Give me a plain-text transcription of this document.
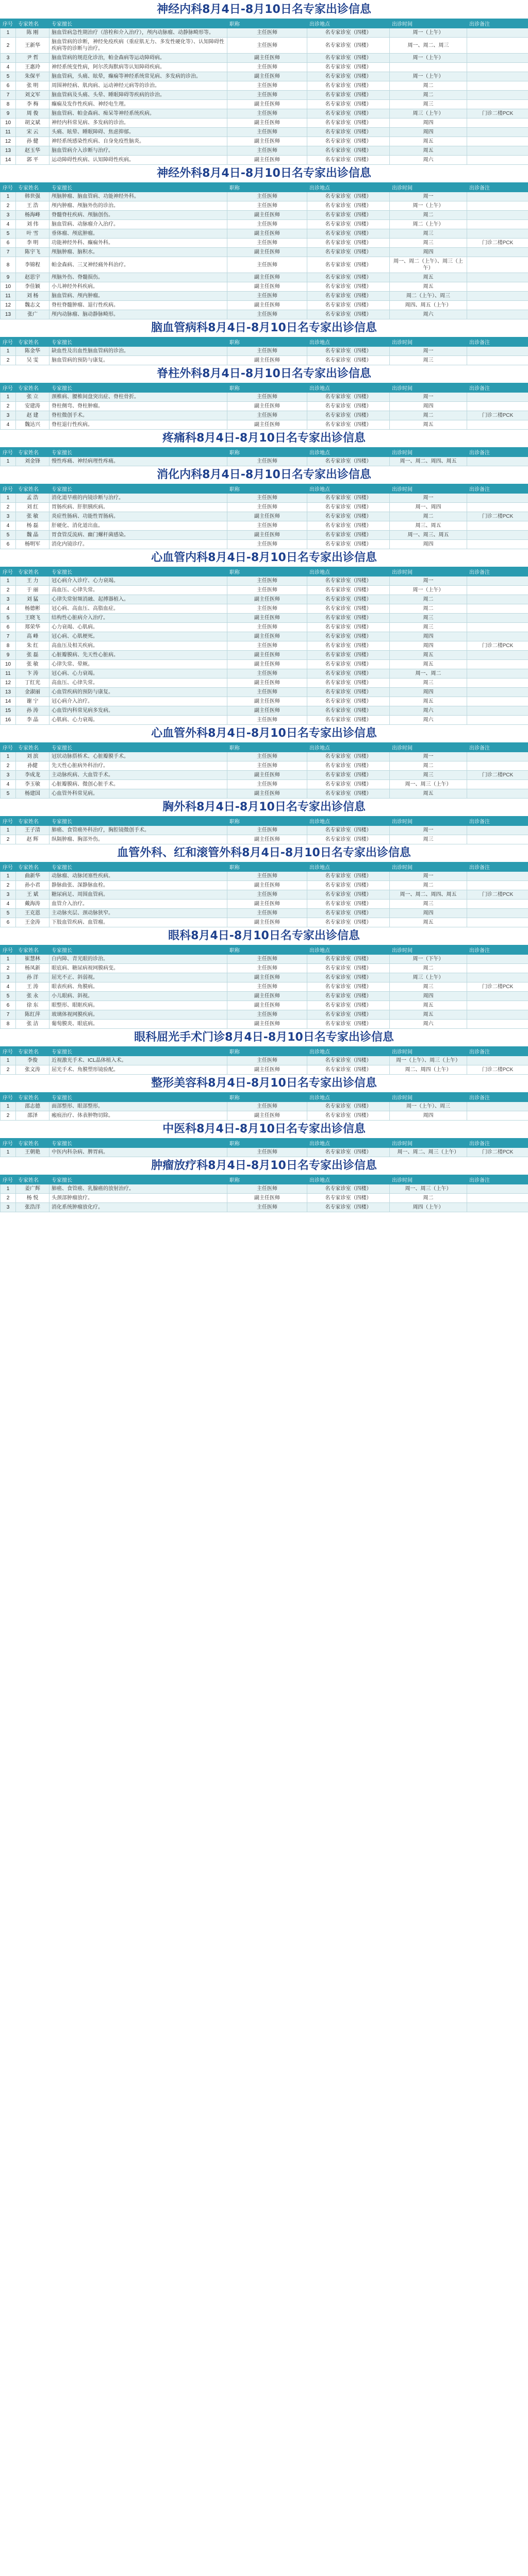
神经内科8月4日-8月10日名专家出诊信息
序号	专家姓名	专家擅长	职称	出诊地点	出诊时间	出诊备注
1	陈 刚	脑血管病急性期治疗（溶栓和介入治疗），颅内动脉瘤、动静脉畸形等。	主任医师	名专家诊室（四楼）	周一（上午）	
2	王新华	脑血管病的诊断，神经免疫疾病（重症肌无力、多发性硬化等）、认知障碍性疾病等的诊断与治疗。	主任医师	名专家诊室（四楼）	周一、周二、周三	
3	尹 哲	脑血管病的规范化诊治，帕金森病等运动障碍病。	副主任医师	名专家诊室（四楼）	周一（上午）	
4	王惠玲	神经系统变性病，阿尔茨海默病等认知障碍疾病。	主任医师	名专家诊室（四楼）		
5	朱保平	脑血管病，头痛、眩晕，癫痫等神经系统常见病、多发病的诊治。	副主任医师	名专家诊室（四楼）	周一（上午）	
6	张 明	周围神经病、肌肉病、运动神经元病等的诊治。	主任医师	名专家诊室（四楼）	周二	
7	刘文军	脑血管病及头痛、头晕、睡眠障碍等疾病的诊治。	主任医师	名专家诊室（四楼）	周二	
8	李 梅	癫痫及发作性疾病、神经电生理。	副主任医师	名专家诊室（四楼）	周三	
9	周 俊	脑血管病、帕金森病、痴呆等神经系统疾病。	主任医师	名专家诊室（四楼）	周三（上午）	门诊二楼PCK
10	胡文斌	神经内科常见病、多发病的诊治。	副主任医师	名专家诊室（四楼）	周四	
11	宋 云	头痛、眩晕、睡眠障碍、焦虑抑郁。	主任医师	名专家诊室（四楼）	周四	
12	孙 健	神经系统感染性疾病、自身免疫性脑炎。	副主任医师	名专家诊室（四楼）	周五	
13	赵玉华	脑血管病介入诊断与治疗。	主任医师	名专家诊室（四楼）	周五	
14	郭 平	运动障碍性疾病、认知障碍性疾病。	副主任医师	名专家诊室（四楼）	周六	
神经外科8月4日-8月10日名专家出诊信息
序号	专家姓名	专家擅长	职称	出诊地点	出诊时间	出诊备注
1	韩世强	颅脑肿瘤、脑血管病、功能神经外科。	主任医师	名专家诊室（四楼）	周一	
2	王 浩	颅内肿瘤、颅脑外伤的诊治。	主任医师	名专家诊室（四楼）	周一（上午）	
3	杨海峰	脊髓脊柱疾病、颅脑创伤。	副主任医师	名专家诊室（四楼）	周二	
4	刘 伟	脑血管病、动脉瘤介入治疗。	主任医师	名专家诊室（四楼）	周二（上午）	
5	叶 雪	垂体瘤、颅底肿瘤。	副主任医师	名专家诊室（四楼）	周三	
6	李 明	功能神经外科、癫痫外科。	主任医师	名专家诊室（四楼）	周三	门诊二楼PCK
7	陈宇飞	颅脑肿瘤、脑积水。	副主任医师	名专家诊室（四楼）	周四	
8	李锦程	帕金森病、三叉神经痛外科治疗。	主任医师	名专家诊室（四楼）	周一、周二（上午）、周三（上午）	
9	赵思宇	颅脑外伤、脊髓损伤。	副主任医师	名专家诊室（四楼）	周五	
10	李佳颖	小儿神经外科疾病。	副主任医师	名专家诊室（四楼）	周五	
11	刘 杨	脑血管病、颅内肿瘤。	主任医师	名专家诊室（四楼）	周二（上午）、周三	
12	魏志文	脊柱脊髓肿瘤、退行性疾病。	副主任医师	名专家诊室（四楼）	周四、周五（上午）	
13	张广	颅内动脉瘤、脑动静脉畸形。	主任医师	名专家诊室（四楼）	周六	
脑血管病科8月4日-8月10日名专家出诊信息
序号	专家姓名	专家擅长	职称	出诊地点	出诊时间	出诊备注
1	陈金华	缺血性及出血性脑血管病的诊治。	主任医师	名专家诊室（四楼）	周一	
2	吴 雯	脑血管病的预防与康复。	副主任医师	名专家诊室（四楼）	周三	
脊柱外科8月4日-8月10日名专家出诊信息
序号	专家姓名	专家擅长	职称	出诊地点	出诊时间	出诊备注
1	张 立	颈椎病、腰椎间盘突出症、脊柱骨折。	主任医师	名专家诊室（四楼）	周一	
2	安建涛	脊柱侧弯、脊柱肿瘤。	副主任医师	名专家诊室（四楼）	周四	
3	赵 建	脊柱微创手术。	主任医师	名专家诊室（四楼）	周二	门诊二楼PCK
4	魏达兴	脊柱退行性疾病。	副主任医师	名专家诊室（四楼）	周五	
疼痛科8月4日-8月10日名专家出诊信息
序号	专家姓名	专家擅长	职称	出诊地点	出诊时间	出诊备注
1	刘金锋	慢性疼痛、神经病理性疼痛。	主任医师	名专家诊室（四楼）	周一、周二、周四、周五	
消化内科8月4日-8月10日名专家出诊信息
序号	专家姓名	专家擅长	职称	出诊地点	出诊时间	出诊备注
1	孟 浩	消化道早癌的内镜诊断与治疗。	主任医师	名专家诊室（四楼）	周一	
2	刘 红	胃肠疾病、肝胆胰疾病。	主任医师	名专家诊室（四楼）	周一、周四	
3	张 敏	炎症性肠病、功能性胃肠病。	副主任医师	名专家诊室（四楼）	周二	门诊二楼PCK
4	杨 磊	肝硬化、消化道出血。	主任医师	名专家诊室（四楼）	周三、周五	
5	魏 晶	胃食管反流病、幽门螺杆菌感染。	副主任医师	名专家诊室（四楼）	周一、周三、周五	
6	杨明军	消化内镜诊疗。	主任医师	名专家诊室（四楼）	周四	
心血管内科8月4日-8月10日名专家出诊信息
序号	专家姓名	专家擅长	职称	出诊地点	出诊时间	出诊备注
1	王 力	冠心病介入诊疗、心力衰竭。	主任医师	名专家诊室（四楼）	周一	
2	于 丽	高血压、心律失常。	主任医师	名专家诊室（四楼）	周一（上午）	
3	刘 猛	心律失常射频消融、起搏器植入。	副主任医师	名专家诊室（四楼）	周二	
4	杨德彬	冠心病、高血压、高脂血症。	主任医师	名专家诊室（四楼）	周二	
5	王晓飞	结构性心脏病介入治疗。	副主任医师	名专家诊室（四楼）	周三	
6	郑荣华	心力衰竭、心肌病。	主任医师	名专家诊室（四楼）	周三	
7	高 峰	冠心病、心肌梗死。	副主任医师	名专家诊室（四楼）	周四	
8	朱 红	高血压及相关疾病。	主任医师	名专家诊室（四楼）	周四	门诊二楼PCK
9	张 磊	心脏瓣膜病、先天性心脏病。	副主任医师	名专家诊室（四楼）	周五	
10	张 敏	心律失常、晕厥。	副主任医师	名专家诊室（四楼）	周五	
11	卞 涛	冠心病、心力衰竭。	主任医师	名专家诊室（四楼）	周一、周二	
12	丁红光	高血压、心律失常。	副主任医师	名专家诊室（四楼）	周三	
13	金淑丽	心血管疾病的预防与康复。	主任医师	名专家诊室（四楼）	周四	
14	谢 宁	冠心病介入治疗。	副主任医师	名专家诊室（四楼）	周五	
15	孙 涛	心血管内科常见病多发病。	副主任医师	名专家诊室（四楼）	周六	
16	李 晶	心肌病、心力衰竭。	主任医师	名专家诊室（四楼）	周六	
心血管外科8月4日-8月10日名专家出诊信息
序号	专家姓名	专家擅长	职称	出诊地点	出诊时间	出诊备注
1	刘 滨	冠状动脉搭桥术、心脏瓣膜手术。	主任医师	名专家诊室（四楼）	周一	
2	孙健	先天性心脏病外科治疗。	主任医师	名专家诊室（四楼）	周二	
3	李成龙	主动脉疾病、大血管手术。	副主任医师	名专家诊室（四楼）	周三	门诊二楼PCK
4	李玉敏	心脏瓣膜病、微创心脏手术。	主任医师	名专家诊室（四楼）	周一、周三（上午）	
5	杨建国	心血管外科常见病。	副主任医师	名专家诊室（四楼）	周五	
胸外科8月4日-8月10日名专家出诊信息
序号	专家姓名	专家擅长	职称	出诊地点	出诊时间	出诊备注
1	王子清	肺癌、食管癌外科治疗，胸腔镜微创手术。	主任医师	名专家诊室（四楼）	周一	
2	赵 辉	纵隔肿瘤、胸部外伤。	副主任医师	名专家诊室（四楼）	周三	
血管外科、红和滚管外科8月4日-8月10日名专家出诊信息
序号	专家姓名	专家擅长	职称	出诊地点	出诊时间	出诊备注
1	曲新华	动脉瘤、动脉闭塞性疾病。	主任医师	名专家诊室（四楼）	周一	
2	孙小君	静脉曲张、深静脉血栓。	副主任医师	名专家诊室（四楼）	周二	
3	王 斌	糖尿病足、周围血管病。	主任医师	名专家诊室（四楼）	周一、周二、周四、周五	门诊二楼PCK
4	戴海涛	血管介入治疗。	副主任医师	名专家诊室（四楼）	周三	
5	王克恩	主动脉夹层、颈动脉狭窄。	主任医师	名专家诊室（四楼）	周四	
6	王金涛	下肢血管疾病、血管瘤。	副主任医师	名专家诊室（四楼）	周五	
眼科8月4日-8月10日名专家出诊信息
序号	专家姓名	专家擅长	职称	出诊地点	出诊时间	出诊备注
1	崔慧林	白内障、青光眼的诊治。	主任医师	名专家诊室（四楼）	周一（下午）	
2	杨凤新	眼底病、糖尿病视网膜病变。	主任医师	名专家诊室（四楼）	周二	
3	孙 洋	屈光不正、斜弱视。	副主任医师	名专家诊室（四楼）	周三（上午）	
4	王 涛	眼表疾病、角膜病。	主任医师	名专家诊室（四楼）	周三	门诊二楼PCK
5	张 永	小儿眼病、斜视。	副主任医师	名专家诊室（四楼）	周四	
6	徐 东	眼整形、眼眶疾病。	副主任医师	名专家诊室（四楼）	周五	
7	陈红萍	玻璃体视网膜疾病。	主任医师	名专家诊室（四楼）	周五	
8	张 洁	葡萄膜炎、眼底病。	副主任医师	名专家诊室（四楼）	周六	
眼科屈光手术门诊8月4日-8月10日名专家出诊信息
序号	专家姓名	专家擅长	职称	出诊地点	出诊时间	出诊备注
1	李俊	近视激光手术、ICL晶体植入术。	主任医师	名专家诊室（四楼）	周一（上午）、周三（上午）	
2	张文涛	屈光手术、角膜塑形镜验配。	副主任医师	名专家诊室（四楼）	周二、周四（上午）	门诊二楼PCK
整形美容科8月4日-8月10日名专家出诊信息
序号	专家姓名	专家擅长	职称	出诊地点	出诊时间	出诊备注
1	邵志德	面部整形、眼部整形。	主任医师	名专家诊室（四楼）	周一（上午）、周三	
2	邵泽	瘢痕治疗、体表肿物切除。	副主任医师	名专家诊室（四楼）	周四	
中医科8月4日-8月10日名专家出诊信息
序号	专家姓名	专家擅长	职称	出诊地点	出诊时间	出诊备注
1	王朝艳	中医内科杂病、脾胃病。	主任医师	名专家诊室（四楼）	周一、周二、周三（上午）	门诊二楼PCK
肿瘤放疗科8月4日-8月10日名专家出诊信息
序号	专家姓名	专家擅长	职称	出诊地点	出诊时间	出诊备注
1	姜广辉	肺癌、食管癌、乳腺癌的放射治疗。	主任医师	名专家诊室（四楼）	周一、周三（上午）	
2	杨 悦	头颈部肿瘤放疗。	副主任医师	名专家诊室（四楼）	周二	
3	张浩洋	消化系统肿瘤放化疗。	主任医师	名专家诊室（四楼）	周四（上午）	
